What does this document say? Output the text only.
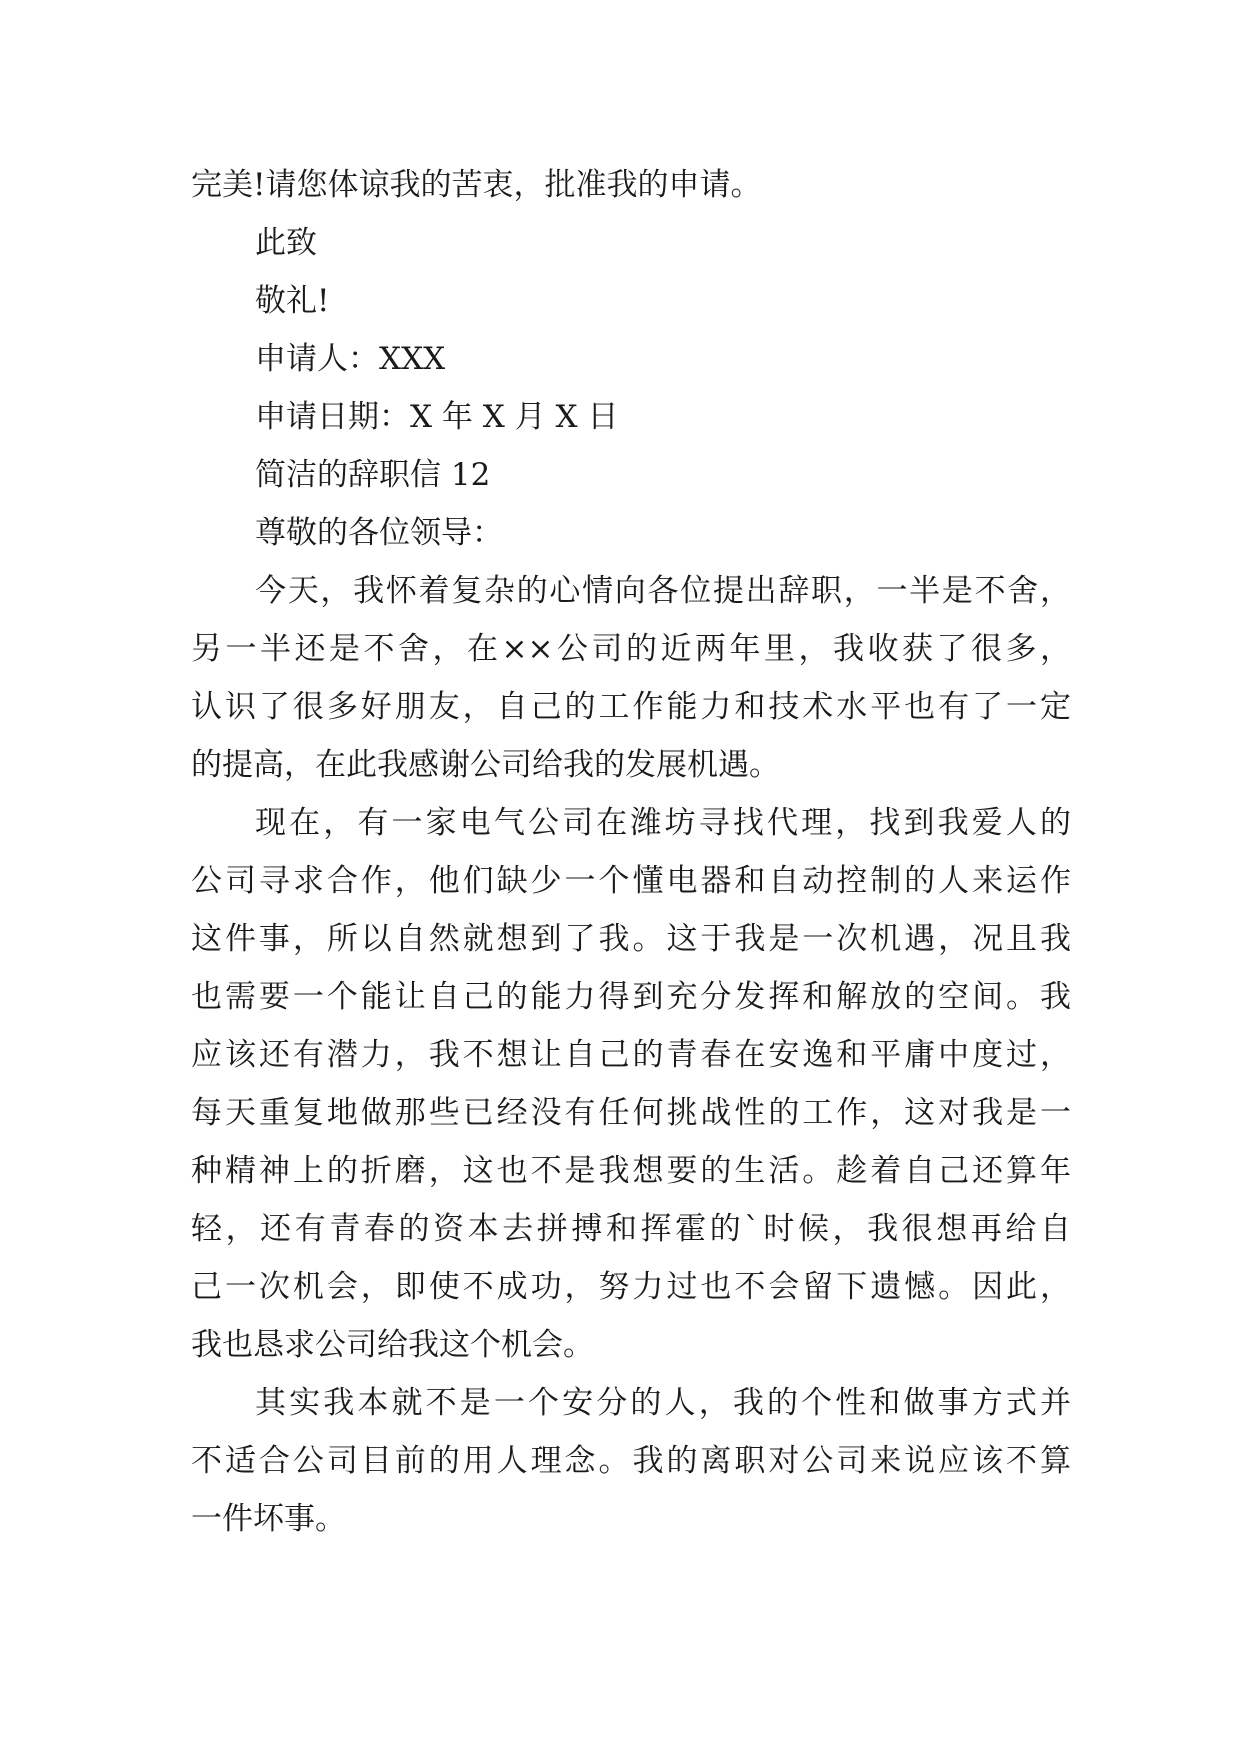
完美!请您体谅我的苦衷，批准我的申请。
此致
敬礼!
申请人：XXX
申请日期：X 年 X 月 X 日
简洁的辞职信 12
尊敬的各位领导：
今天，我怀着复杂的心情向各位提出辞职，一半是不舍，
另一半还是不舍，在××公司的近两年里，我收获了很多，
认识了很多好朋友，自己的工作能力和技术水平也有了一定
的提高，在此我感谢公司给我的发展机遇。
现在，有一家电气公司在潍坊寻找代理，找到我爱人的
公司寻求合作，他们缺少一个懂电器和自动控制的人来运作
这件事，所以自然就想到了我。这于我是一次机遇，况且我
也需要一个能让自己的能力得到充分发挥和解放的空间。我
应该还有潜力，我不想让自己的青春在安逸和平庸中度过，
每天重复地做那些已经没有任何挑战性的工作，这对我是一
种精神上的折磨，这也不是我想要的生活。趁着自己还算年
轻，还有青春的资本去拼搏和挥霍的`时候，我很想再给自
己一次机会，即使不成功，努力过也不会留下遗憾。因此，
我也恳求公司给我这个机会。
其实我本就不是一个安分的人，我的个性和做事方式并
不适合公司目前的用人理念。我的离职对公司来说应该不算
一件坏事。
